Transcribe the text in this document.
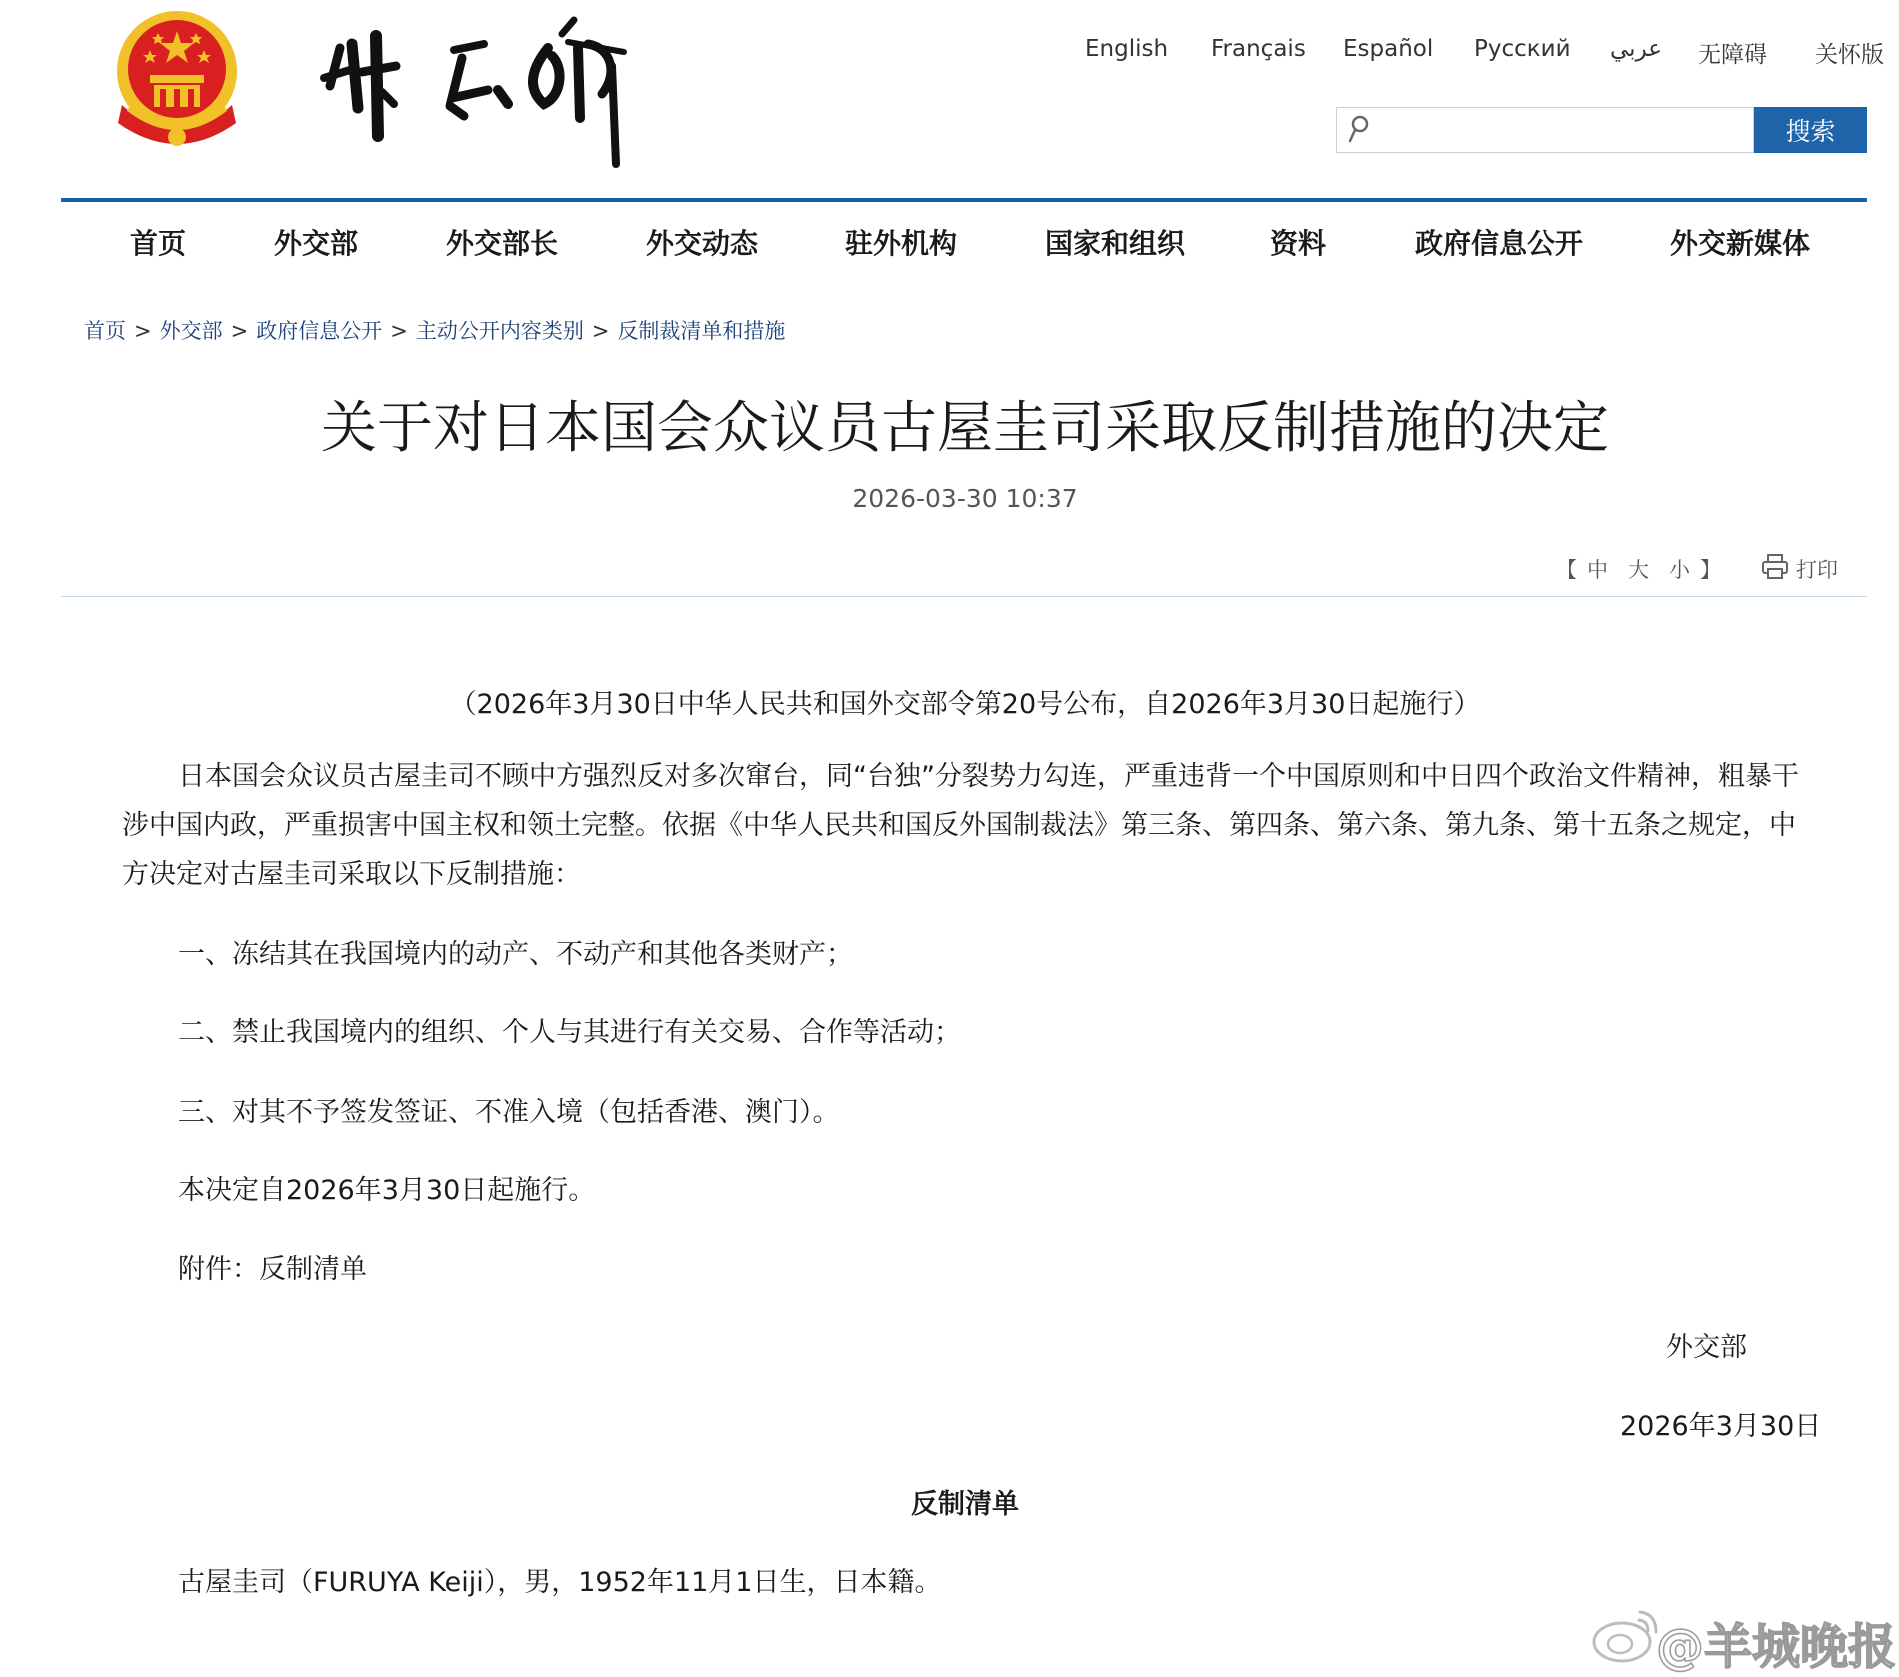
English Français Español Русский عربي 无障碍 关怀版
搜索
首页	外交部	外交部长	外交动态	驻外机构	国家和组织	资料	政府信息公开	外交新媒体
首页 > 外交部 > 政府信息公开 > 主动公开内容类别 > 反制裁清单和措施
关于对日本国会众议员古屋圭司采取反制措施的决定
2026-03-30 10:37
【 中 大 小 】	打印
（2026年3月30日中华人民共和国外交部令第20号公布，自2026年3月30日起施行）
日本国会众议员古屋圭司不顾中方强烈反对多次窜台，同“台独”分裂势力勾连，严重违背一个中国原则和中日四个政治文件精神，粗暴干涉中国内政，严重损害中国主权和领土完整。依据《中华人民共和国反外国制裁法》第三条、第四条、第六条、第九条、第十五条之规定，中方决定对古屋圭司采取以下反制措施：
一、冻结其在我国境内的动产、不动产和其他各类财产；
二、禁止我国境内的组织、个人与其进行有关交易、合作等活动；
三、对其不予签发签证、不准入境（包括香港、澳门）。
本决定自2026年3月30日起施行。
附件：反制清单
外交部
2026年3月30日
反制清单
古屋圭司（FURUYA Keiji），男，1952年11月1日生，日本籍。
@羊城晚报
